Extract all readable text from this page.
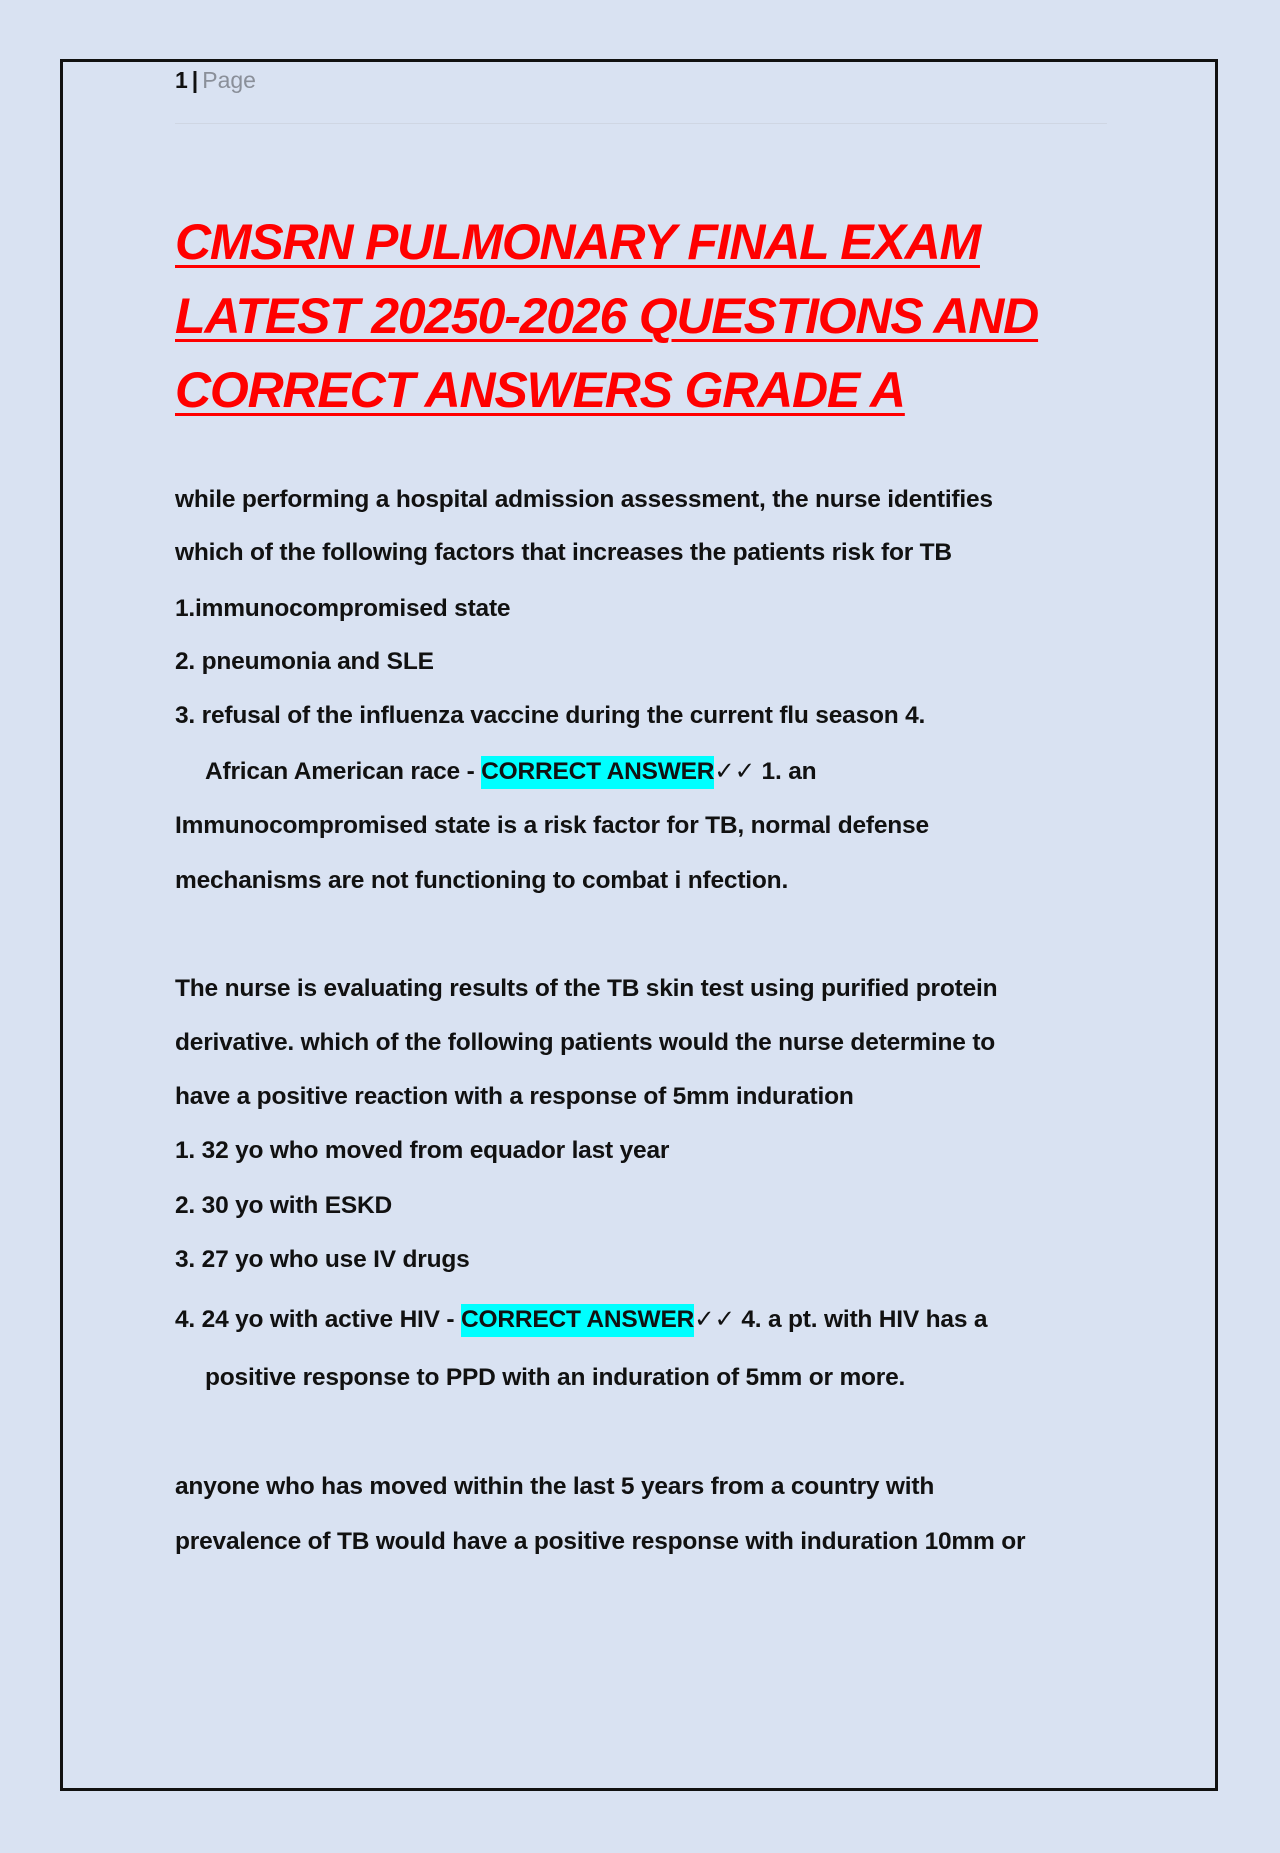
1 | Page
CMSRN PULMONARY FINAL EXAM
LATEST 20250-2026 QUESTIONS AND
CORRECT ANSWERS GRADE A
while performing a hospital admission assessment, the nurse identifies
which of the following factors that increases the patients risk for TB
1.immunocompromised state
2. pneumonia and SLE
3. refusal of the influenza vaccine during the current flu season 4.
African American race - CORRECT ANSWER✓✓ 1. an
Immunocompromised state is a risk factor for TB, normal defense
mechanisms are not functioning to combat i nfection.
The nurse is evaluating results of the TB skin test using purified protein
derivative. which of the following patients would the nurse determine to
have a positive reaction with a response of 5mm induration
1. 32 yo who moved from equador last year
2. 30 yo with ESKD
3. 27 yo who use IV drugs
4. 24 yo with active HIV - CORRECT ANSWER✓✓ 4. a pt. with HIV has a
positive response to PPD with an induration of 5mm or more.
anyone who has moved within the last 5 years from a country with
prevalence of TB would have a positive response with induration 10mm or
